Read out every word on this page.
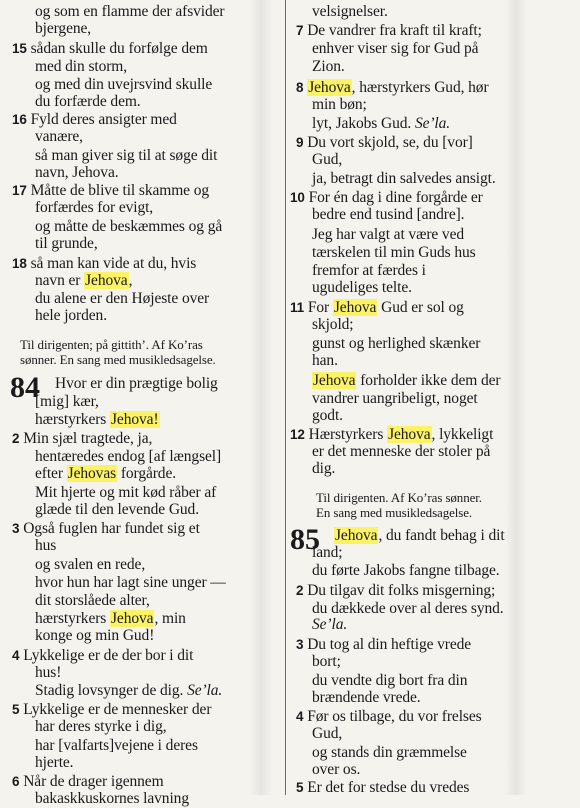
og som en flamme der afsvider
bjergene,
15 sådan skulle du forfølge dem
med din storm,
og med din uvejrsvind skulle
du forfærde dem.
16 Fyld deres ansigter med
vanære,
så man giver sig til at søge dit
navn, Jehova.
17 Måtte de blive til skamme og
forfærdes for evigt,
og måtte de beskæmmes og gå
til grunde,
18 så man kan vide at du, hvis
navn er Jehova,
du alene er den Højeste over
hele jorden.
Til dirigenten; på gittith’. Af Ko’ras
sønner. En sang med musikledsagelse.
Hvor er din prægtige bolig
[mig] kær,
hærstyrkers Jehova!
2 Min sjæl tragtede, ja,
hentæredes endog [af længsel]
efter Jehovas forgårde.
Mit hjerte og mit kød råber af
glæde til den levende Gud.
3 Også fuglen har fundet sig et
hus
og svalen en rede,
hvor hun har lagt sine unger —
dit storslåede alter,
hærstyrkers Jehova, min
konge og min Gud!
4 Lykkelige er de der bor i dit
hus!
Stadig lovsynger de dig. Se’la.
5 Lykkelige er de mennesker der
har deres styrke i dig,
har [valfarts]vejene i deres
hjerte.
6 Når de drager igennem
bakaskkuskornes lavning
84
velsignelser.
7 De vandrer fra kraft til kraft;
enhver viser sig for Gud på
Zion.
8 Jehova, hærstyrkers Gud, hør
min bøn;
lyt, Jakobs Gud. Se’la.
9 Du vort skjold, se, du [vor]
Gud,
ja, betragt din salvedes ansigt.
10 For én dag i dine forgårde er
bedre end tusind [andre].
Jeg har valgt at være ved
tærskelen til min Guds hus
fremfor at færdes i
ugudeliges telte.
11 For Jehova Gud er sol og
skjold;
gunst og herlighed skænker
han.
Jehova forholder ikke dem der
vandrer uangribeligt, noget
godt.
12 Hærstyrkers Jehova, lykkeligt
er det menneske der stoler på
dig.
Til dirigenten. Af Ko’ras sønner.
En sang med musikledsagelse.
Jehova, du fandt behag i dit
land;
du førte Jakobs fangne tilbage.
2 Du tilgav dit folks misgerning;
du dækkede over al deres synd.
Se’la.
3 Du tog al din heftige vrede
bort;
du vendte dig bort fra din
brændende vrede.
4 Før os tilbage, du vor frelses
Gud,
og stands din græmmelse
over os.
5 Er det for stedse du vredes
85
